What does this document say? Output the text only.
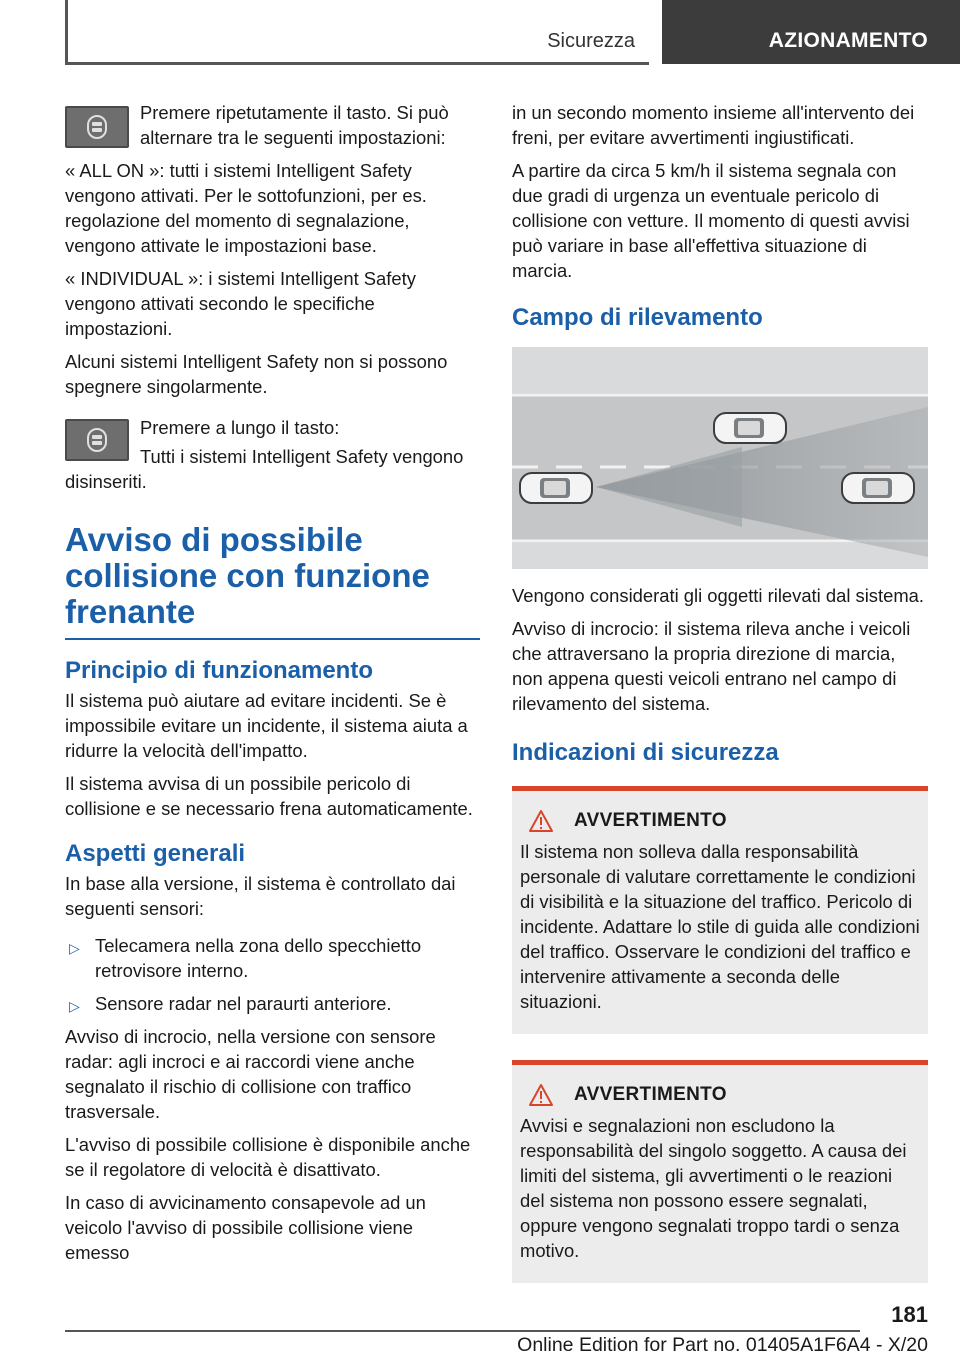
Sicurezza	AZIONAMENTO

Premere ripetutamente il tasto. Si può alternare tra le seguenti impostazioni:

« ALL ON »: tutti i sistemi Intelligent Safety vengono attivati. Per le sottofunzioni, per es. regolazione del momento di segnalazione, vengono attivate le impostazioni base.

« INDIVIDUAL »: i sistemi Intelligent Safety vengono attivati secondo le specifiche impostazioni.

Alcuni sistemi Intelligent Safety non si possono spegnere singolarmente.

Premere a lungo il tasto:

Tutti i sistemi Intelligent Safety vengono disinseriti.

Avviso di possibile collisione con funzione frenante
Principio di funzionamento

Il sistema può aiutare ad evitare incidenti. Se è impossibile evitare un incidente, il sistema aiuta a ridurre la velocità dell'impatto.

Il sistema avvisa di un possibile pericolo di collisione e se necessario frena automaticamente.

Aspetti generali

In base alla versione, il sistema è controllato dai seguenti sensori:

▷ Telecamera nella zona dello specchietto retrovisore interno.
▷ Sensore radar nel paraurti anteriore.

Avviso di incrocio, nella versione con sensore radar: agli incroci e ai raccordi viene anche segnalato il rischio di collisione con traffico trasversale.

L'avviso di possibile collisione è disponibile anche se il regolatore di velocità è disattivato.

In caso di avvicinamento consapevole ad un veicolo l'avviso di possibile collisione viene emesso

in un secondo momento insieme all'intervento dei freni, per evitare avvertimenti ingiustificati.

A partire da circa 5 km/h il sistema segnala con due gradi di urgenza un eventuale pericolo di collisione con vetture. Il momento di questi avvisi può variare in base all'effettiva situazione di marcia.

Campo di rilevamento

Vengono considerati gli oggetti rilevati dal sistema.

Avviso di incrocio: il sistema rileva anche i veicoli che attraversano la propria direzione di marcia, non appena questi veicoli entrano nel campo di rilevamento del sistema.

Indicazioni di sicurezza
AVVERTIMENTO

Il sistema non solleva dalla responsabilità personale di valutare correttamente le condizioni di visibilità e la situazione del traffico. Pericolo di incidente. Adattare lo stile di guida alle condizioni del traffico. Osservare le condizioni del traffico e intervenire attivamente a seconda delle situazioni.

AVVERTIMENTO

Avvisi e segnalazioni non escludono la responsabilità del singolo soggetto. A causa dei limiti del sistema, gli avvertimenti o le reazioni del sistema non possono essere segnalati, oppure vengono segnalati troppo tardi o senza motivo.

181
Online Edition for Part no. 01405A1F6A4 - X/20
